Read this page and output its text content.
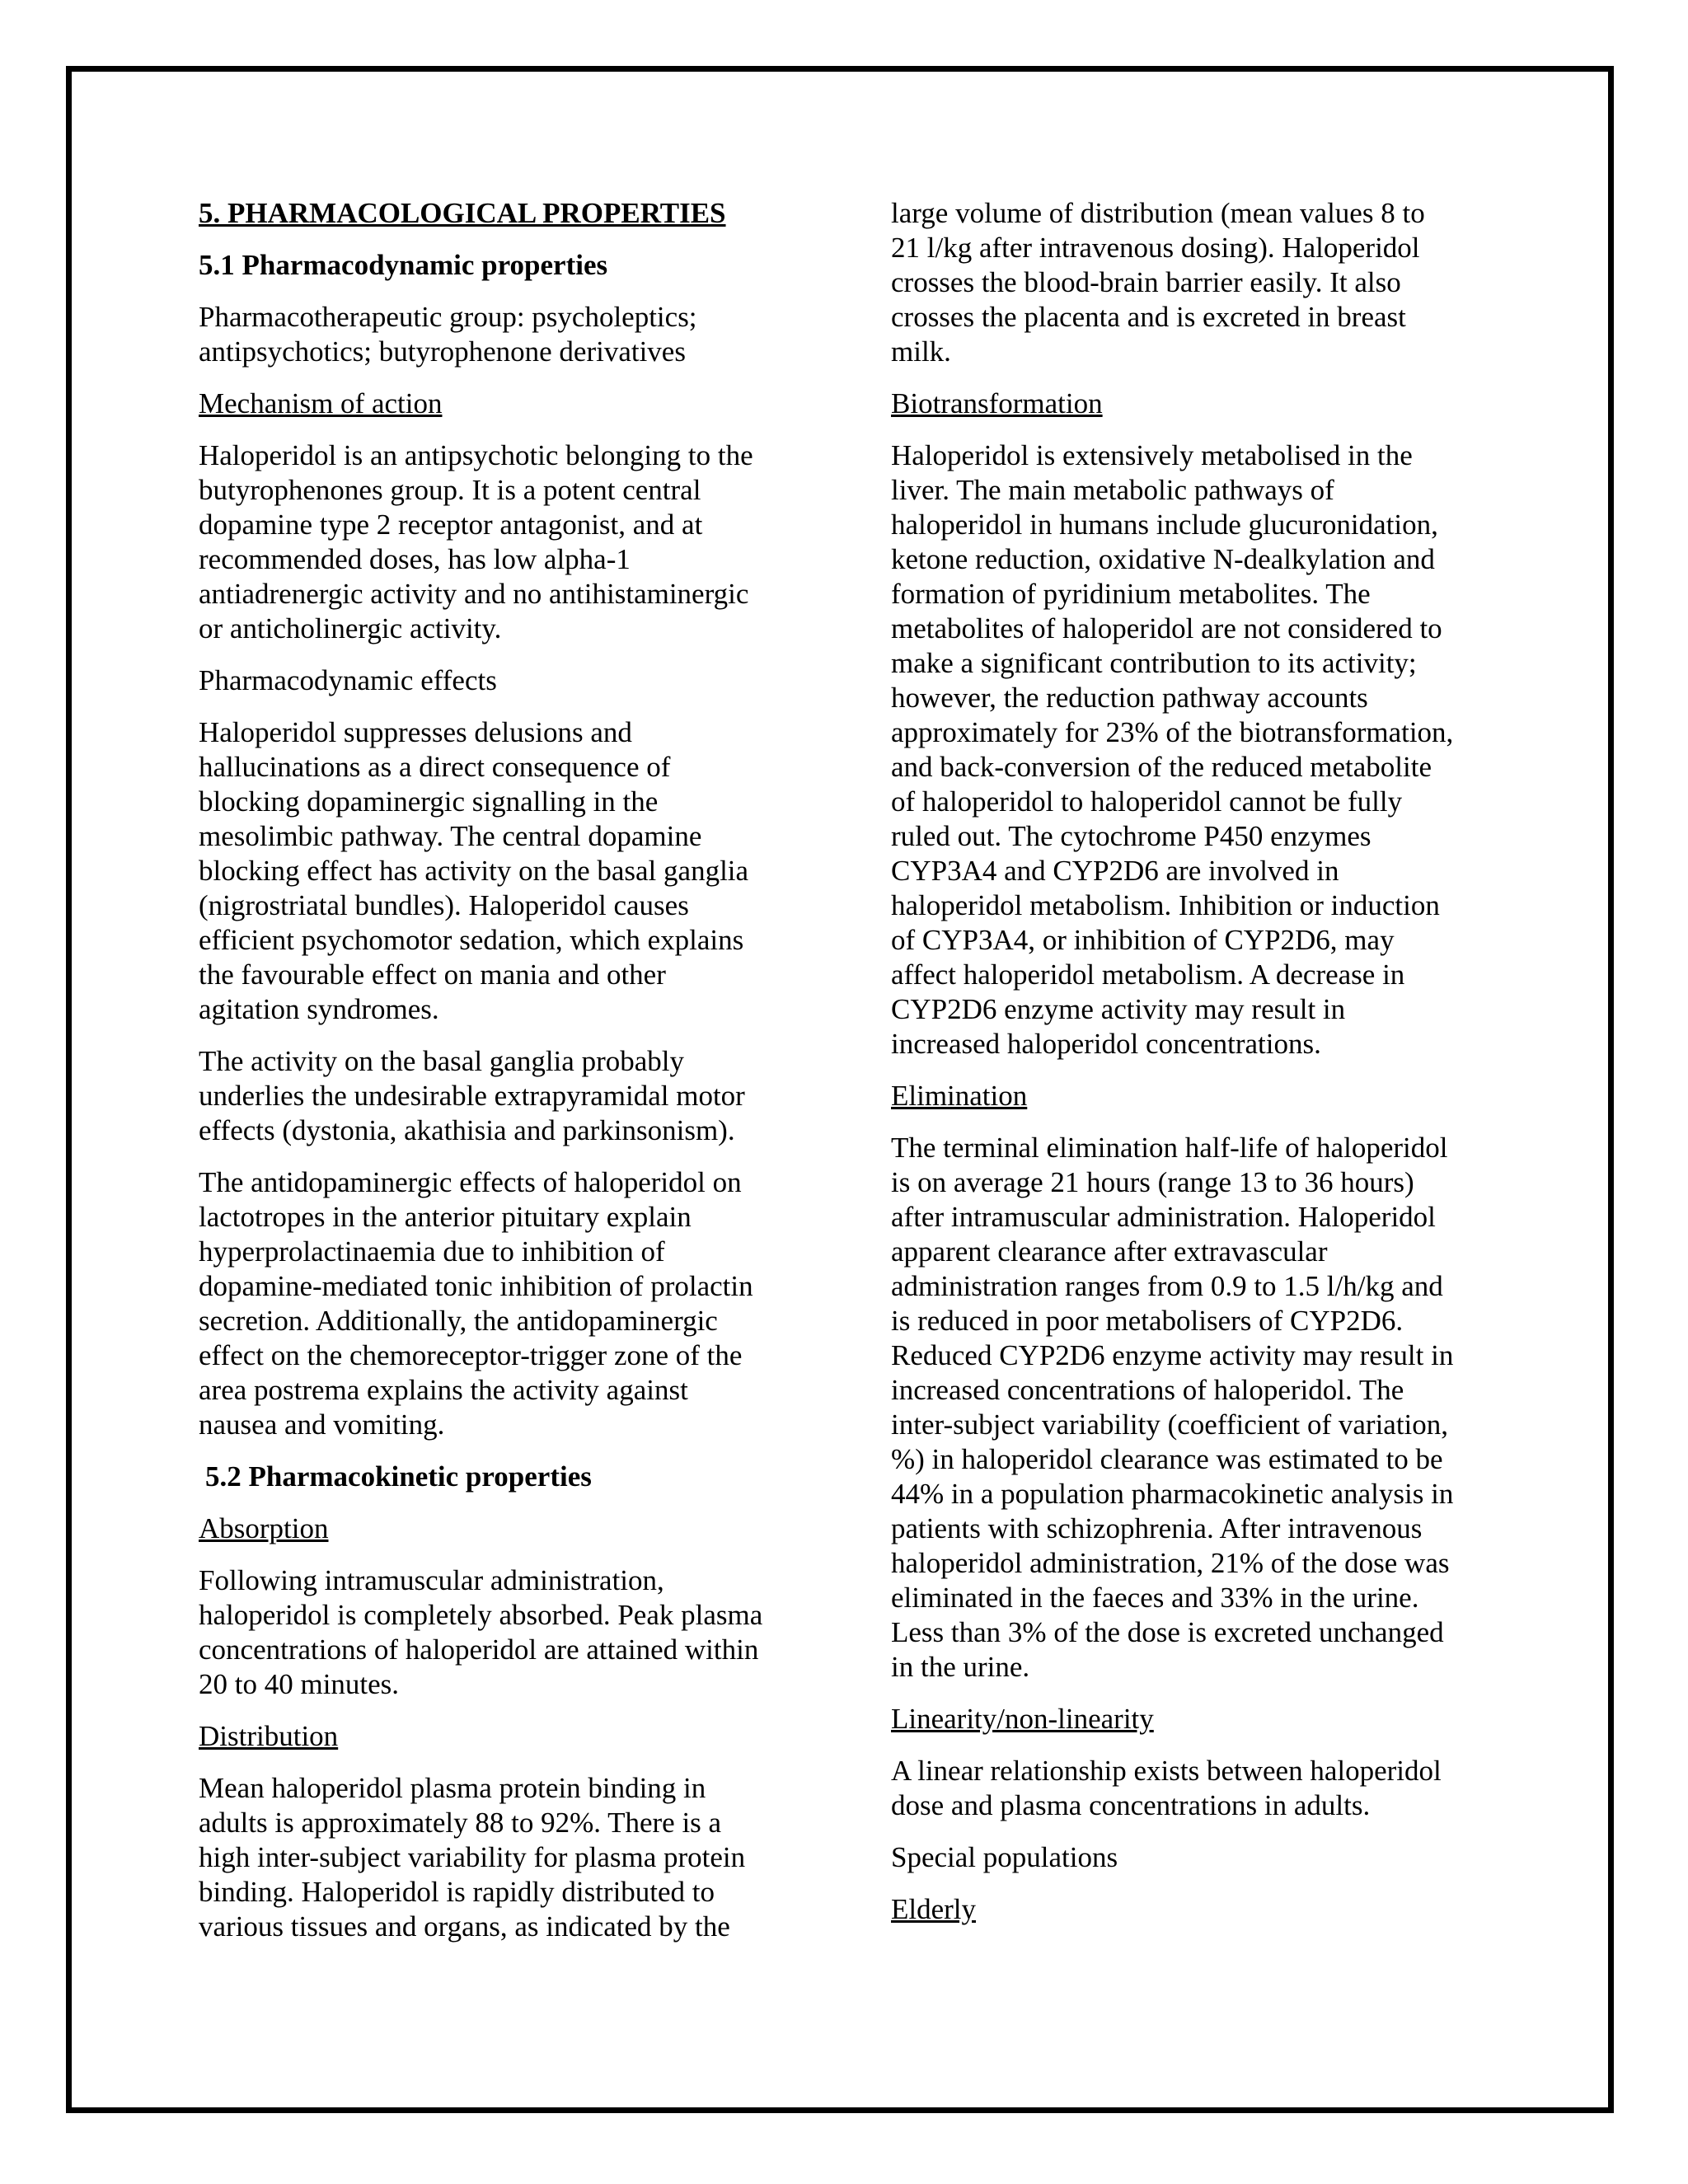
5. PHARMACOLOGICAL PROPERTIES

5.1 Pharmacodynamic properties

Pharmacotherapeutic group: psycholeptics;
antipsychotics; butyrophenone derivatives

Mechanism of action

Haloperidol is an antipsychotic belonging to the
butyrophenones group. It is a potent central
dopamine type 2 receptor antagonist, and at
recommended doses, has low alpha-1
antiadrenergic activity and no antihistaminergic
or anticholinergic activity.

Pharmacodynamic effects

Haloperidol suppresses delusions and
hallucinations as a direct consequence of
blocking dopaminergic signalling in the
mesolimbic pathway. The central dopamine
blocking effect has activity on the basal ganglia
(nigrostriatal bundles). Haloperidol causes
efficient psychomotor sedation, which explains
the favourable effect on mania and other
agitation syndromes.

The activity on the basal ganglia probably
underlies the undesirable extrapyramidal motor
effects (dystonia, akathisia and parkinsonism).

The antidopaminergic effects of haloperidol on
lactotropes in the anterior pituitary explain
hyperprolactinaemia due to inhibition of
dopamine-mediated tonic inhibition of prolactin
secretion. Additionally, the antidopaminergic
effect on the chemoreceptor-trigger zone of the
area postrema explains the activity against
nausea and vomiting.

5.2 Pharmacokinetic properties

Absorption

Following intramuscular administration,
haloperidol is completely absorbed. Peak plasma
concentrations of haloperidol are attained within
20 to 40 minutes.

Distribution

Mean haloperidol plasma protein binding in
adults is approximately 88 to 92%. There is a
high inter-subject variability for plasma protein
binding. Haloperidol is rapidly distributed to
various tissues and organs, as indicated by the

large volume of distribution (mean values 8 to
21 l/kg after intravenous dosing). Haloperidol
crosses the blood-brain barrier easily. It also
crosses the placenta and is excreted in breast
milk.

Biotransformation

Haloperidol is extensively metabolised in the
liver. The main metabolic pathways of
haloperidol in humans include glucuronidation,
ketone reduction, oxidative N-dealkylation and
formation of pyridinium metabolites. The
metabolites of haloperidol are not considered to
make a significant contribution to its activity;
however, the reduction pathway accounts
approximately for 23% of the biotransformation,
and back-conversion of the reduced metabolite
of haloperidol to haloperidol cannot be fully
ruled out. The cytochrome P450 enzymes
CYP3A4 and CYP2D6 are involved in
haloperidol metabolism. Inhibition or induction
of CYP3A4, or inhibition of CYP2D6, may
affect haloperidol metabolism. A decrease in
CYP2D6 enzyme activity may result in
increased haloperidol concentrations.

Elimination

The terminal elimination half-life of haloperidol
is on average 21 hours (range 13 to 36 hours)
after intramuscular administration. Haloperidol
apparent clearance after extravascular
administration ranges from 0.9 to 1.5 l/h/kg and
is reduced in poor metabolisers of CYP2D6.
Reduced CYP2D6 enzyme activity may result in
increased concentrations of haloperidol. The
inter-subject variability (coefficient of variation,
%) in haloperidol clearance was estimated to be
44% in a population pharmacokinetic analysis in
patients with schizophrenia. After intravenous
haloperidol administration, 21% of the dose was
eliminated in the faeces and 33% in the urine.
Less than 3% of the dose is excreted unchanged
in the urine.

Linearity/non-linearity

A linear relationship exists between haloperidol
dose and plasma concentrations in adults.

Special populations

Elderly
